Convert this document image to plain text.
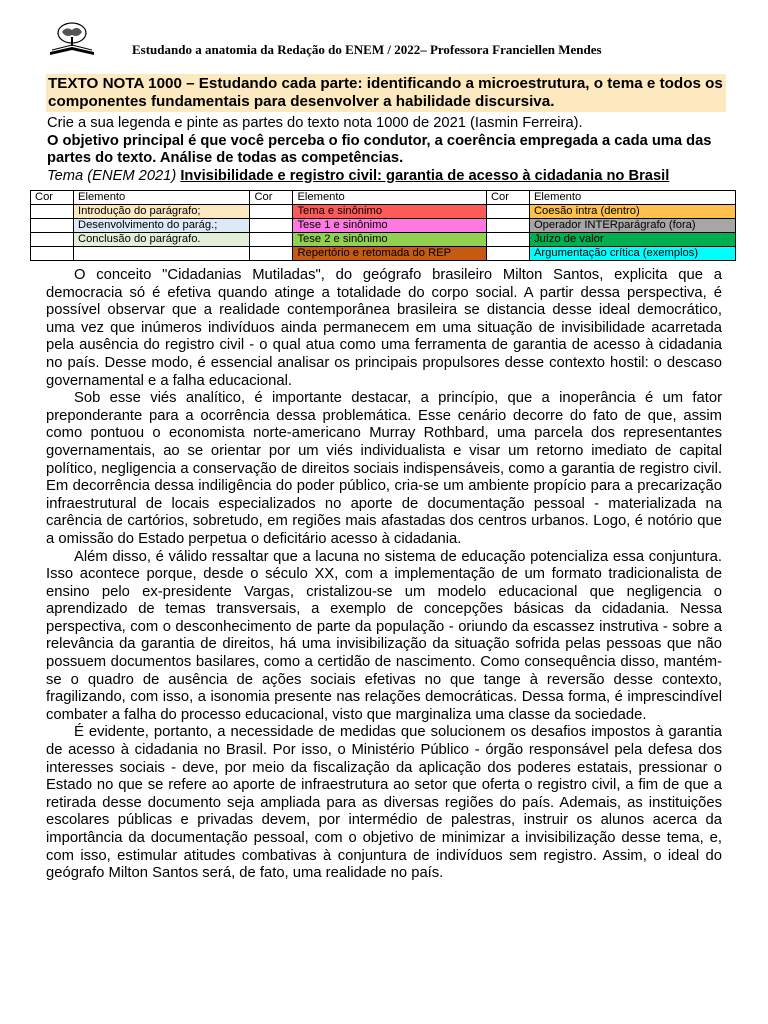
Estudando a anatomia da Redação do ENEM / 2022– Professora Franciellen Mendes
TEXTO NOTA 1000 – Estudando cada parte: identificando a microestrutura, o tema e todos os componentes fundamentais para desenvolver a habilidade discursiva.
Crie a sua legenda e pinte as partes do texto nota 1000 de 2021 (Iasmin Ferreira).
O objetivo principal é que você perceba o fio condutor, a coerência empregada a cada uma das partes do texto. Análise de todas as competências.
Tema (ENEM 2021) Invisibilidade e registro civil: garantia de acesso à cidadania no Brasil
Cor	Elemento	Cor	Elemento	Cor	Elemento
	Introdução do parágrafo;		Tema e sinônimo		Coesão intra (dentro)
	Desenvolvimento do parág.;		Tese 1 e sinônimo		Operador INTERparágrafo (fora)
	Conclusão do parágrafo.		Tese 2 e sinônimo		Juízo de valor
			Repertório e retomada do REP		Argumentação crítica (exemplos)

O conceito "Cidadanias Mutiladas", do geógrafo brasileiro Milton Santos, explicita que a democracia só é efetiva quando atinge a totalidade do corpo social. A partir dessa perspectiva, é possível observar que a realidade contemporânea brasileira se distancia desse ideal democrático, uma vez que inúmeros indivíduos ainda permanecem em uma situação de invisibilidade acarretada pela ausência do registro civil - o qual atua como uma ferramenta de garantia de acesso à cidadania no país. Desse modo, é essencial analisar os principais propulsores desse contexto hostil: o descaso governamental e a falha educacional.

Sob esse viés analítico, é importante destacar, a princípio, que a inoperância é um fator preponderante para a ocorrência dessa problemática. Esse cenário decorre do fato de que, assim como pontuou o economista norte-americano Murray Rothbard, uma parcela dos representantes governamentais, ao se orientar por um viés individualista e visar um retorno imediato de capital político, negligencia a conservação de direitos sociais indispensáveis, como a garantia de registro civil. Em decorrência dessa indiligência do poder público, cria-se um ambiente propício para a precarização infraestrutural de locais especializados no aporte de documentação pessoal - materializada na carência de cartórios, sobretudo, em regiões mais afastadas dos centros urbanos. Logo, é notório que a omissão do Estado perpetua o deficitário acesso à cidadania.

Além disso, é válido ressaltar que a lacuna no sistema de educação potencializa essa conjuntura. Isso acontece porque, desde o século XX, com a implementação de um formato tradicionalista de ensino pelo ex-presidente Vargas, cristalizou-se um modelo educacional que negligencia o aprendizado de temas transversais, a exemplo de concepções básicas da cidadania. Nessa perspectiva, com o desconhecimento de parte da população - oriundo da escassez instrutiva - sobre a relevância da garantia de direitos, há uma invisibilização da situação sofrida pelas pessoas que não possuem documentos basilares, como a certidão de nascimento. Como consequência disso, mantém-se o quadro de ausência de ações sociais efetivas no que tange à reversão desse contexto, fragilizando, com isso, a isonomia presente nas relações democráticas. Dessa forma, é imprescindível combater a falha do processo educacional, visto que marginaliza uma classe da sociedade.

É evidente, portanto, a necessidade de medidas que solucionem os desafios impostos à garantia de acesso à cidadania no Brasil. Por isso, o Ministério Público - órgão responsável pela defesa dos interesses sociais - deve, por meio da fiscalização da aplicação dos poderes estatais, pressionar o Estado no que se refere ao aporte de infraestrutura ao setor que oferta o registro civil, a fim de que a retirada desse documento seja ampliada para as diversas regiões do país. Ademais, as instituições escolares públicas e privadas devem, por intermédio de palestras, instruir os alunos acerca da importância da documentação pessoal, com o objetivo de minimizar a invisibilização desse tema, e, com isso, estimular atitudes combativas à conjuntura de indivíduos sem registro. Assim, o ideal do geógrafo Milton Santos será, de fato, uma realidade no país.
